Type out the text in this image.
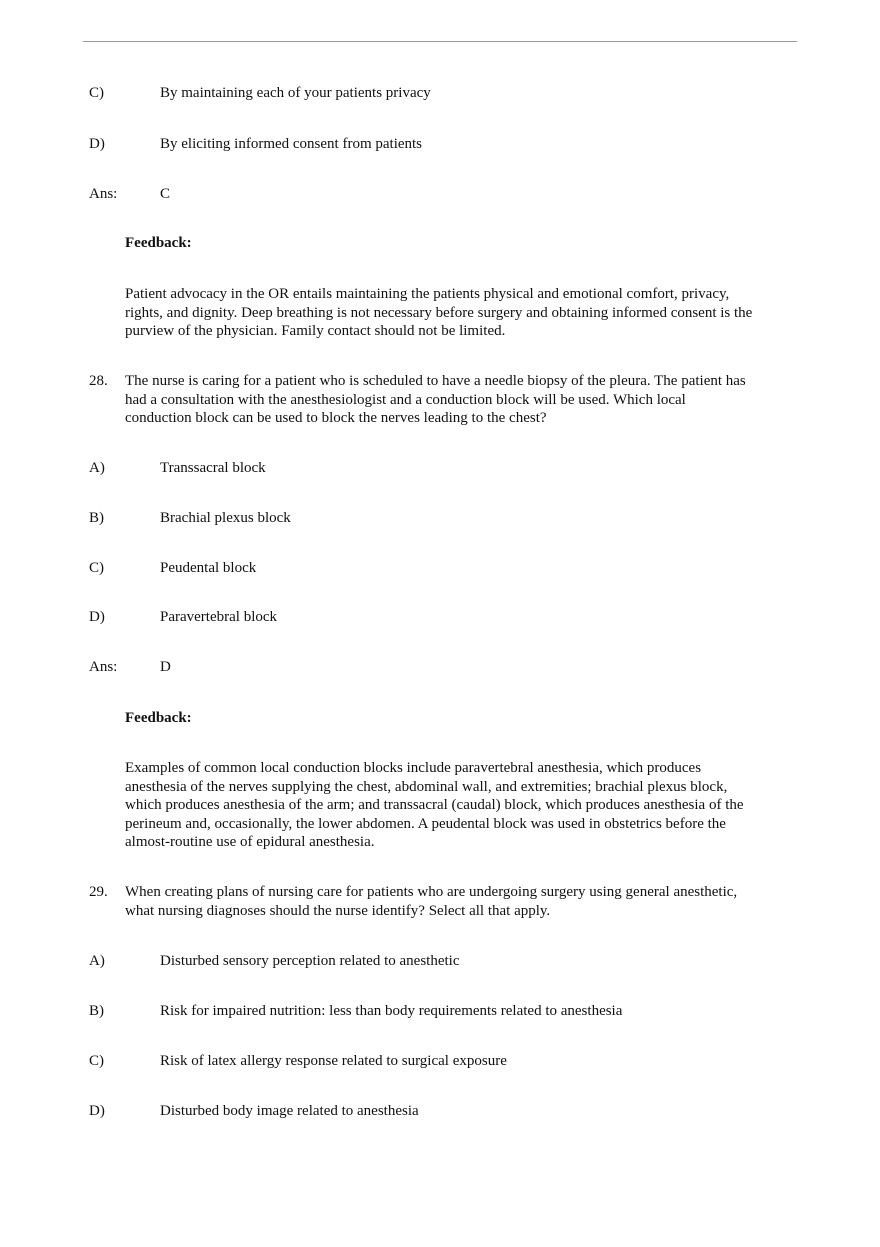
C)	By maintaining each of your patients privacy
D)	By eliciting informed consent from patients
Ans:	C
Feedback:
Patient advocacy in the OR entails maintaining the patients physical and emotional comfort, privacy,
rights, and dignity. Deep breathing is not necessary before surgery and obtaining informed consent is the
purview of the physician. Family contact should not be limited.
28. The nurse is caring for a patient who is scheduled to have a needle biopsy of the pleura. The patient has
had a consultation with the anesthesiologist and a conduction block will be used. Which local
conduction block can be used to block the nerves leading to the chest?
A)	Transsacral block
B)	Brachial plexus block
C)	Peudental block
D)	Paravertebral block
Ans:	D
Feedback:
Examples of common local conduction blocks include paravertebral anesthesia, which produces
anesthesia of the nerves supplying the chest, abdominal wall, and extremities; brachial plexus block,
which produces anesthesia of the arm; and transsacral (caudal) block, which produces anesthesia of the
perineum and, occasionally, the lower abdomen. A peudental block was used in obstetrics before the
almost-routine use of epidural anesthesia.
29. When creating plans of nursing care for patients who are undergoing surgery using general anesthetic,
what nursing diagnoses should the nurse identify? Select all that apply.
A)	Disturbed sensory perception related to anesthetic
B)	Risk for impaired nutrition: less than body requirements related to anesthesia
C)	Risk of latex allergy response related to surgical exposure
D)	Disturbed body image related to anesthesia
